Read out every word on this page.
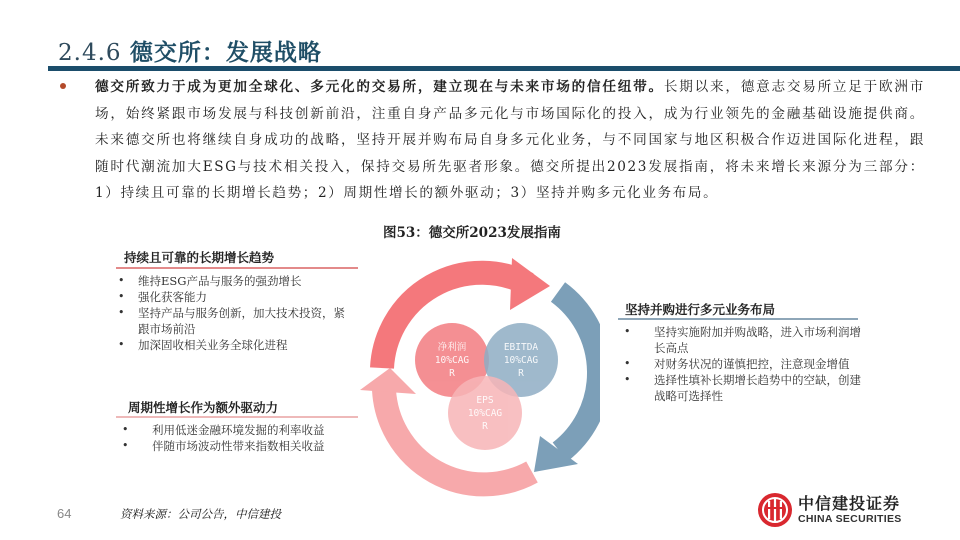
2.4.6 德交所：发展战略
德交所致力于成为更加全球化、多元化的交易所，建立现在与未来市场的信任纽带。长期以来，德意志交易所立足于欧洲市场，始终紧跟市场发展与科技创新前沿，注重自身产品多元化与市场国际化的投入，成为行业领先的金融基础设施提供商。未来德交所也将继续自身成功的战略，坚持开展并购布局自身多元化业务，与不同国家与地区积极合作迈进国际化进程，跟随时代潮流加大ESG与技术相关投入，保持交易所先驱者形象。德交所提出2023发展指南，将未来增长来源分为三部分：1）持续且可靠的长期增长趋势；2）周期性增长的额外驱动；3）坚持并购多元化业务布局。
图53：德交所2023发展指南
持续且可靠的长期增长趋势
• 维持ESG产品与服务的强劲增长
• 强化获客能力
• 坚持产品与服务创新，加大技术投资，紧跟市场前沿
• 加深固收相关业务全球化进程
周期性增长作为额外驱动力
• 利用低迷金融环境发掘的利率收益
• 伴随市场波动性带来指数相关收益
坚持并购进行多元业务布局
• 坚持实施附加并购战略，进入市场利润增长高点
• 对财务状况的谨慎把控，注意现金增值
• 选择性填补长期增长趋势中的空缺，创建战略可选择性
净利润
10%CAG
R
EBITDA
10%CAG
R
EPS
10%CAG
R
64	资料来源：公司公告，中信建投
中信建投证券
CHINA SECURITIES
